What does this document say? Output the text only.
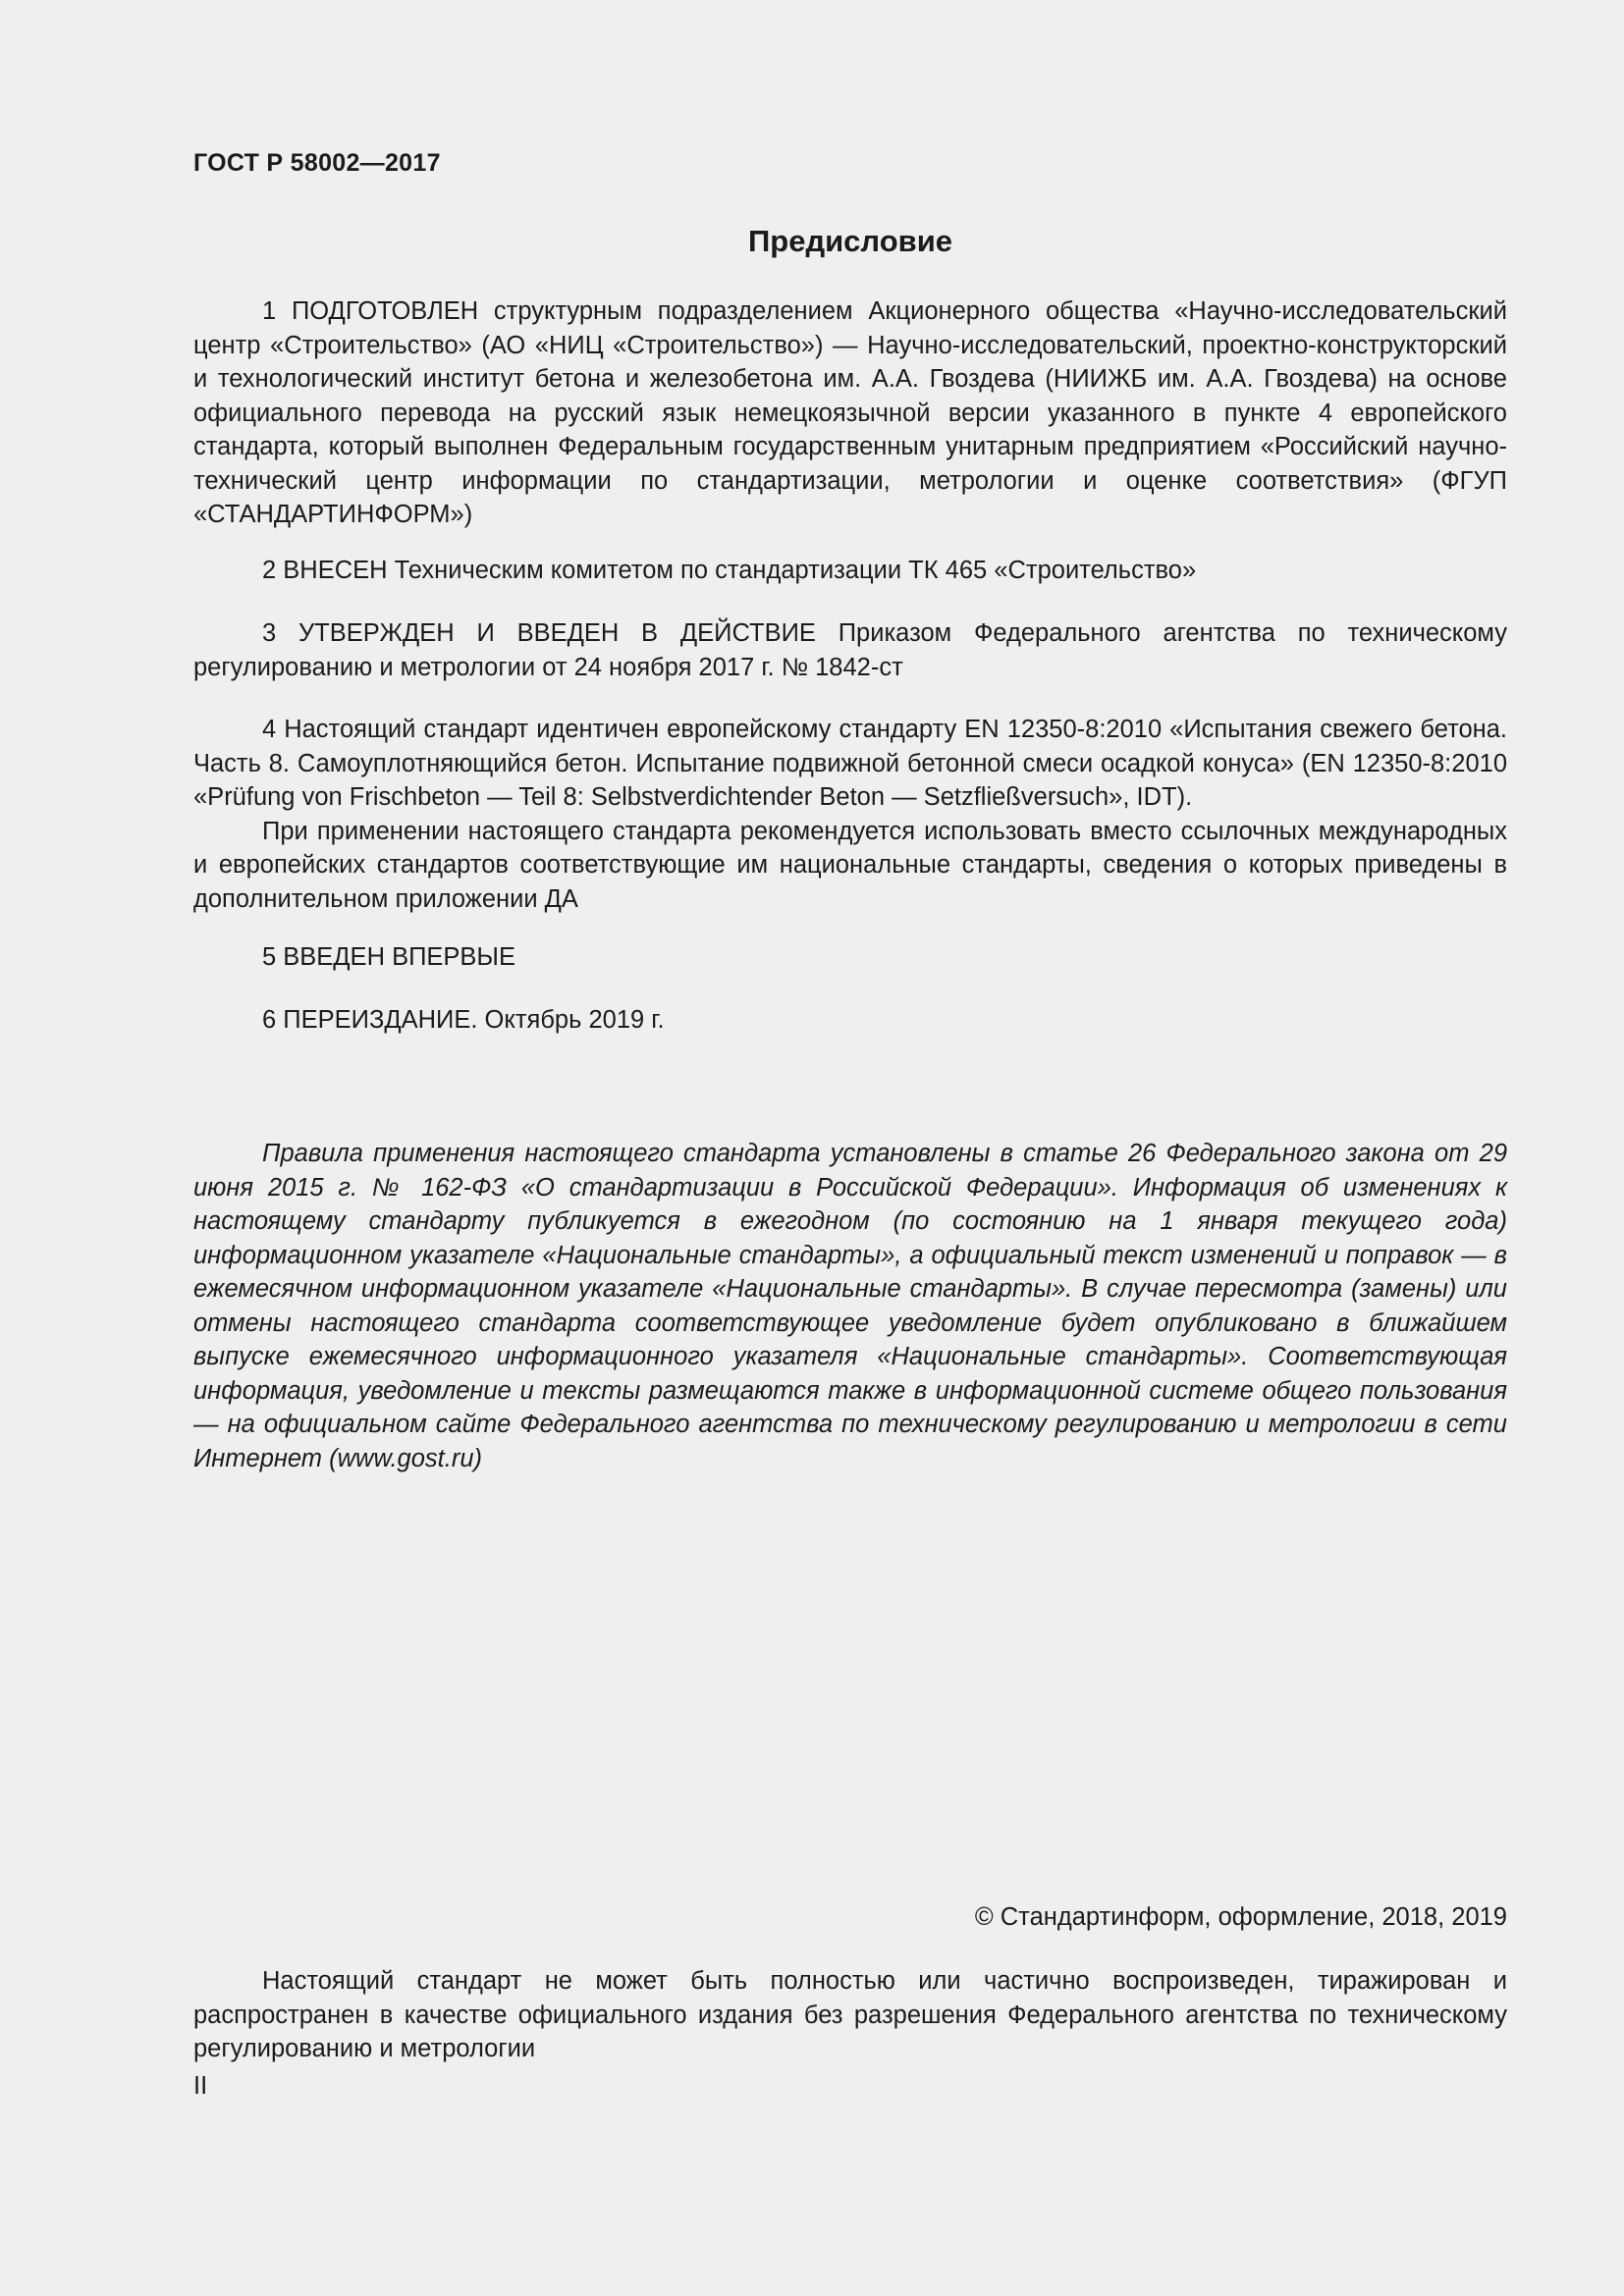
ГОСТ Р 58002—2017
Предисловие

1 ПОДГОТОВЛЕН структурным подразделением Акционерного общества «Научно-исследовательский центр «Строительство» (АО «НИЦ «Строительство») — Научно-исследовательский, проектно-конструкторский и технологический институт бетона и железобетона им. А.А. Гвоздева (НИИЖБ им. А.А. Гвоздева) на основе официального перевода на русский язык немецкоязычной версии указанного в пункте 4 европейского стандарта, который выполнен Федеральным государственным унитарным предприятием «Российский научно-технический центр информации по стандартизации, метрологии и оценке соответствия» (ФГУП «СТАНДАРТИНФОРМ»)

2 ВНЕСЕН Техническим комитетом по стандартизации ТК 465 «Строительство»

3 УТВЕРЖДЕН И ВВЕДЕН В ДЕЙСТВИЕ Приказом Федерального агентства по техническому регулированию и метрологии от 24 ноября 2017 г. № 1842-ст

4 Настоящий стандарт идентичен европейскому стандарту EN 12350-8:2010 «Испытания свежего бетона. Часть 8. Самоуплотняющийся бетон. Испытание подвижной бетонной смеси осадкой конуса» (EN 12350-8:2010 «Prüfung von Frischbeton — Teil 8: Selbstverdichtender Beton — Setzfließversuch», IDT).

При применении настоящего стандарта рекомендуется использовать вместо ссылочных международных и европейских стандартов соответствующие им национальные стандарты, сведения о которых приведены в дополнительном приложении ДА

5 ВВЕДЕН ВПЕРВЫЕ

6 ПЕРЕИЗДАНИЕ. Октябрь 2019 г.

Правила применения настоящего стандарта установлены в статье 26 Федерального закона от 29 июня 2015 г. № 162-ФЗ «О стандартизации в Российской Федерации». Информация об изменениях к настоящему стандарту публикуется в ежегодном (по состоянию на 1 января текущего года) информационном указателе «Национальные стандарты», а официальный текст изменений и поправок — в ежемесячном информационном указателе «Национальные стандарты». В случае пересмотра (замены) или отмены настоящего стандарта соответствующее уведомление будет опубликовано в ближайшем выпуске ежемесячного информационного указателя «Национальные стандарты». Соответствующая информация, уведомление и тексты размещаются также в информационной системе общего пользования — на официальном сайте Федерального агентства по техническому регулированию и метрологии в сети Интернет (www.gost.ru)

© Стандартинформ, оформление, 2018, 2019

Настоящий стандарт не может быть полностью или частично воспроизведен, тиражирован и распространен в качестве официального издания без разрешения Федерального агентства по техническому регулированию и метрологии

II
